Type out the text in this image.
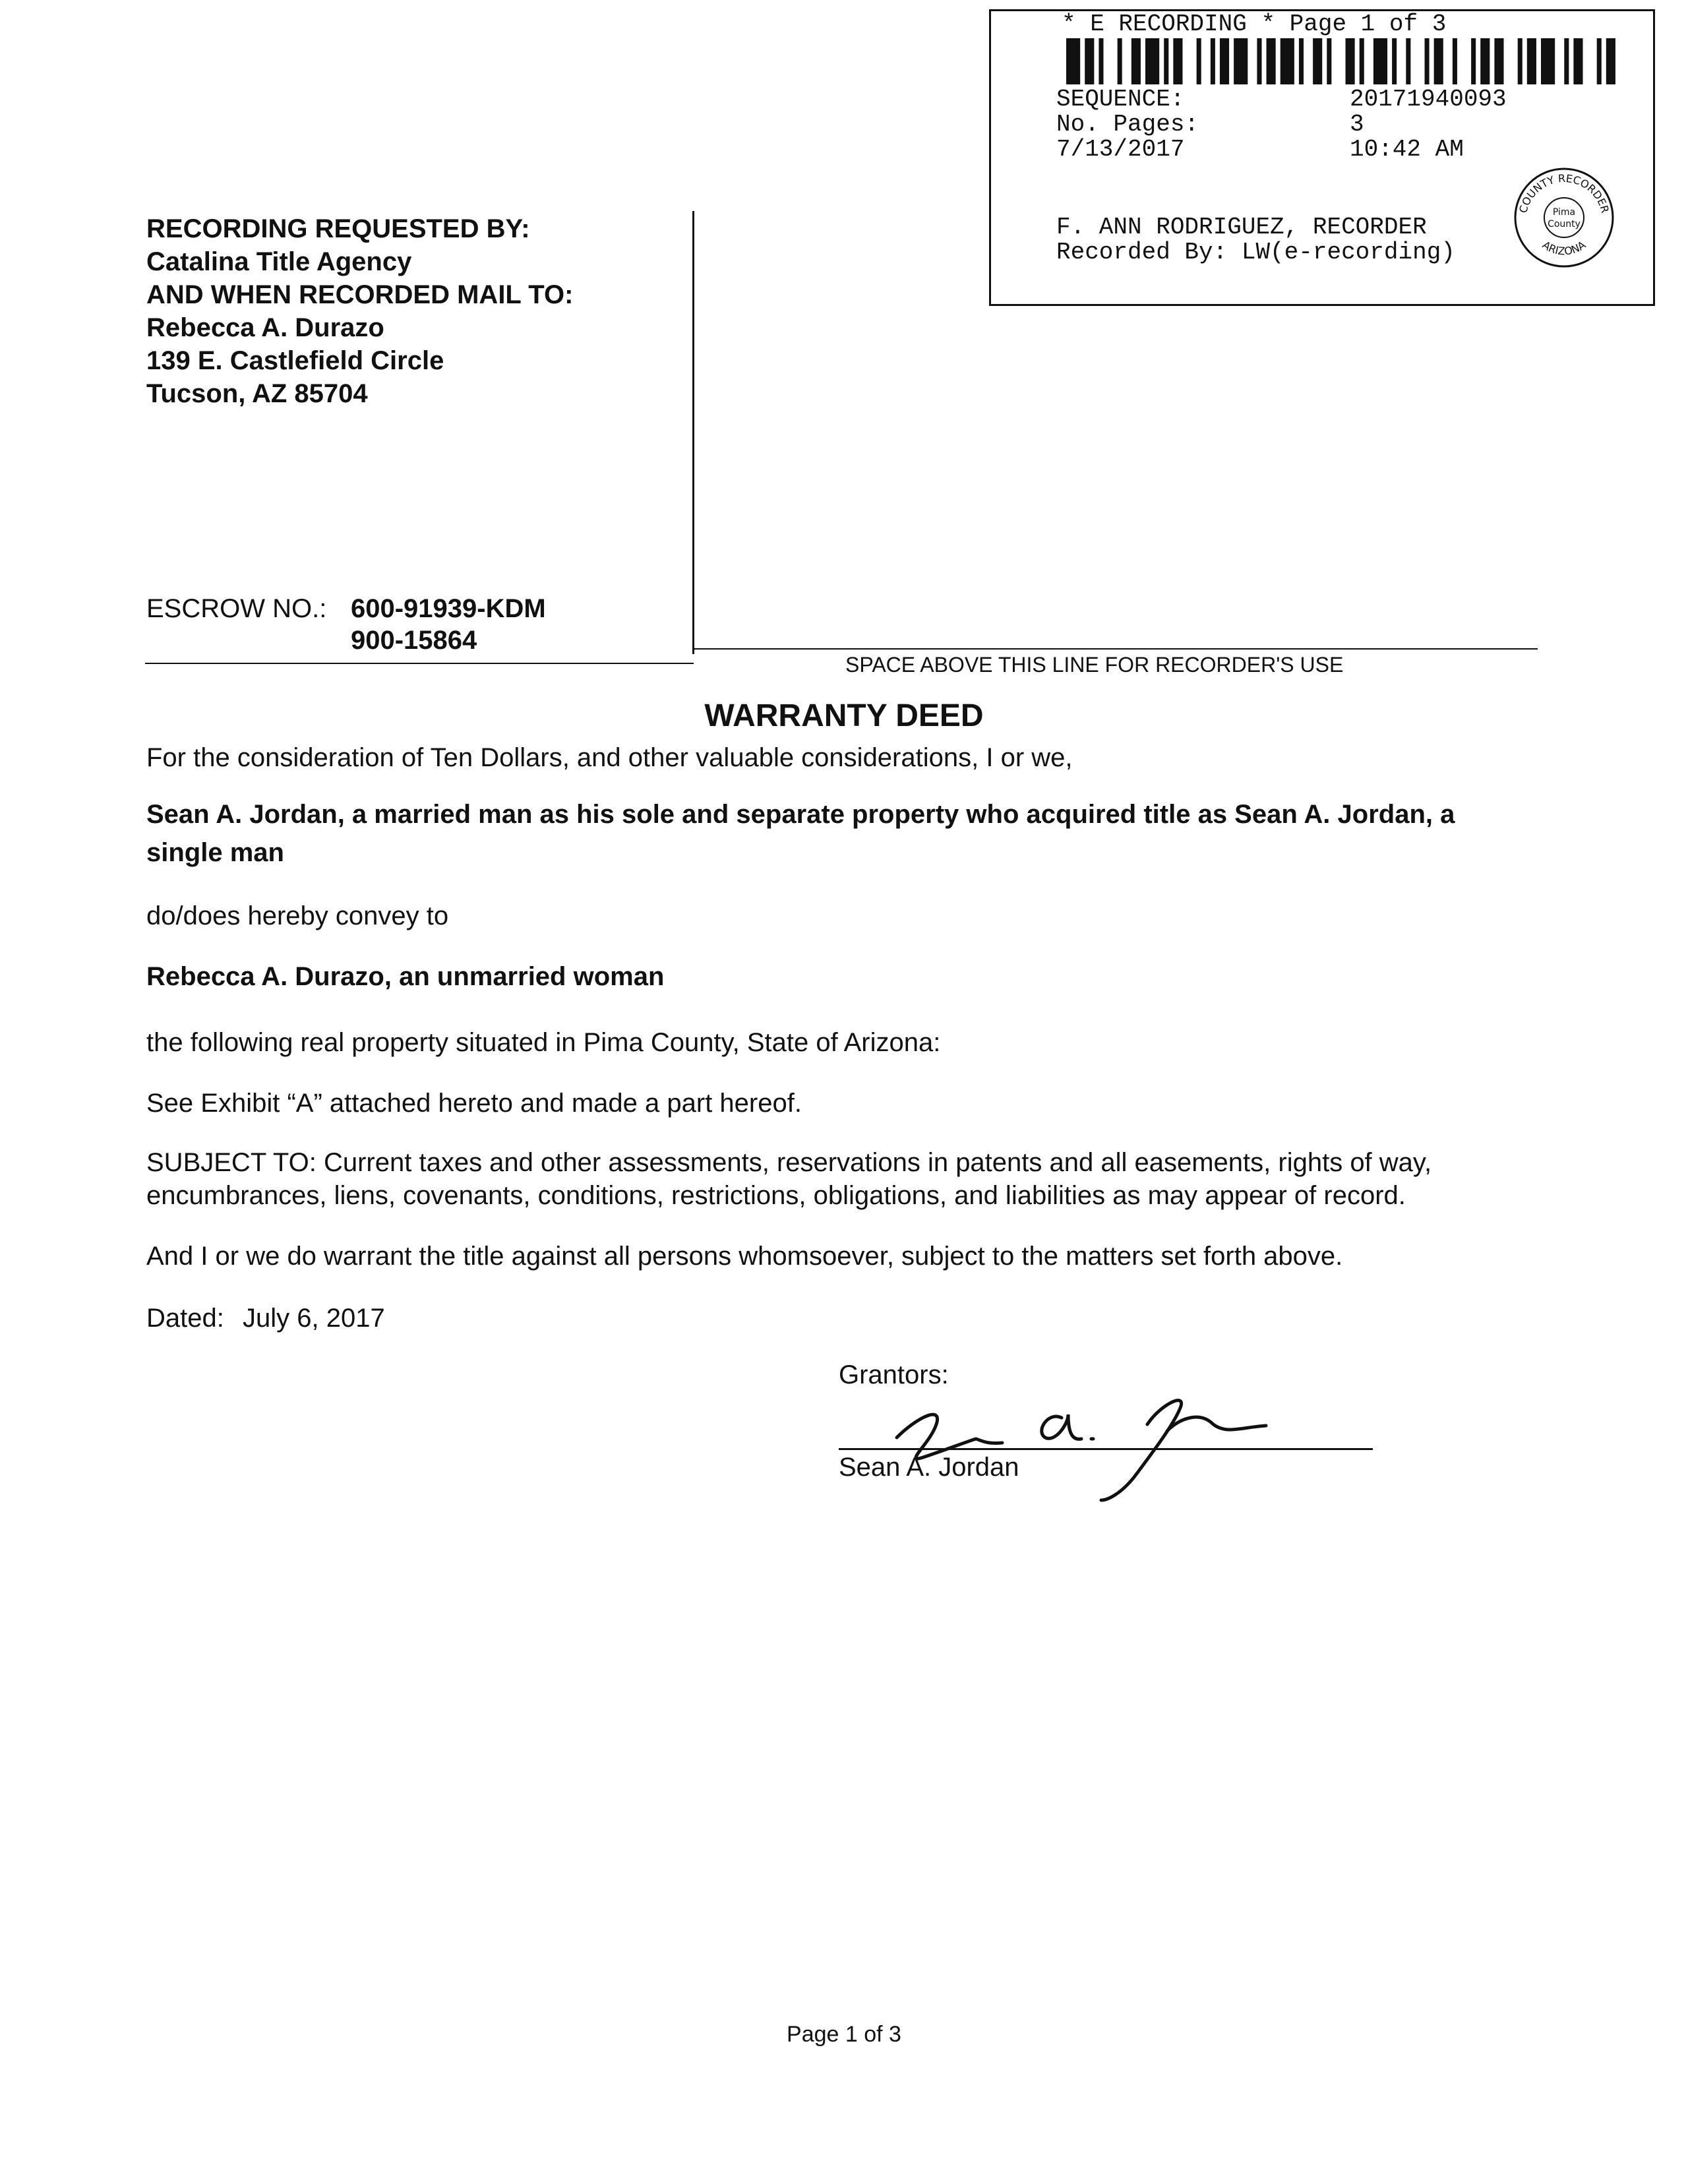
* E RECORDING * Page 1 of 3
SEQUENCE:	20171940093
No. Pages:	3
7/13/2017	10:42 AM
F. ANN RODRIGUEZ, RECORDER
Recorded By: LW(e-recording)
Pima
County
COUNTY RECORDER
ARIZONA
RECORDING REQUESTED BY:
Catalina Title Agency
AND WHEN RECORDED MAIL TO:
Rebecca A. Durazo
139 E. Castlefield Circle
Tucson, AZ 85704
ESCROW NO.: 600-91939-KDM
900-15864
SPACE ABOVE THIS LINE FOR RECORDER'S USE
WARRANTY DEED
For the consideration of Ten Dollars, and other valuable considerations, I or we,
Sean A. Jordan, a married man as his sole and separate property who acquired title as Sean A. Jordan, a
single man
do/does hereby convey to
Rebecca A. Durazo, an unmarried woman
the following real property situated in Pima County, State of Arizona:
See Exhibit “A” attached hereto and made a part hereof.
SUBJECT TO: Current taxes and other assessments, reservations in patents and all easements, rights of way,
encumbrances, liens, covenants, conditions, restrictions, obligations, and liabilities as may appear of record.
And I or we do warrant the title against all persons whomsoever, subject to the matters set forth above.
Dated: July 6, 2017
Grantors:
Sean A. Jordan
Page 1 of 3
